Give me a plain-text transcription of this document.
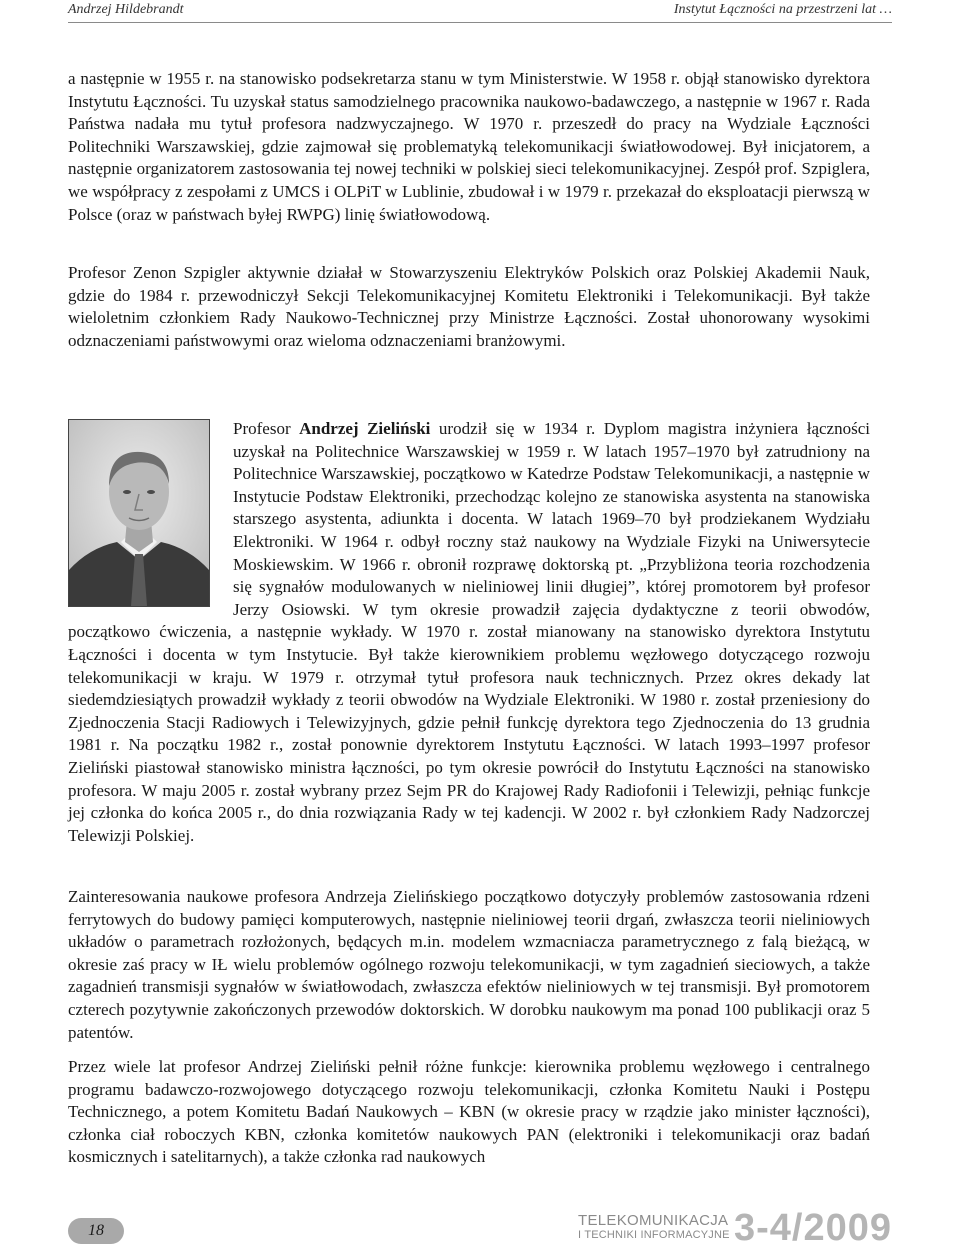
Andrzej Hildebrandt	Instytut Łączności na przestrzeni lat …

a następnie w 1955 r. na stanowisko podsekretarza stanu w tym Ministerstwie. W 1958 r. objął stanowisko dyrektora Instytutu Łączności. Tu uzyskał status samodzielnego pracownika naukowo-badawczego, a następnie w 1967 r. Rada Państwa nadała mu tytuł profesora nadzwyczajnego. W 1970 r. przeszedł do pracy na Wydziale Łączności Politechniki Warszawskiej, gdzie zajmował się problematyką telekomunikacji światłowodowej. Był inicjatorem, a następnie organizatorem zastosowania tej nowej techniki w polskiej sieci telekomunikacyjnej. Zespół prof. Szpiglera, we współpracy z zespołami z UMCS i OLPiT w Lublinie, zbudował i w 1979 r. przekazał do eksploatacji pierwszą w Polsce (oraz w państwach byłej RWPG) linię światłowodową.

Profesor Zenon Szpigler aktywnie działał w Stowarzyszeniu Elektryków Polskich oraz Polskiej Akademii Nauk, gdzie do 1984 r. przewodniczył Sekcji Telekomunikacyjnej Komitetu Elektroniki i Telekomunikacji. Był także wieloletnim członkiem Rady Naukowo-Technicznej przy Ministrze Łączności. Został uhonorowany wysokimi odznaczeniami państwowymi oraz wieloma odznaczeniami branżowymi.

Profesor Andrzej Zieliński urodził się w 1934 r. Dyplom magistra inżyniera łączności uzyskał na Politechnice Warszawskiej w 1959 r. W latach 1957–1970 był zatrudniony na Politechnice Warszawskiej, początkowo w Katedrze Podstaw Telekomunikacji, a następnie w Instytucie Podstaw Elektroniki, przechodząc kolejno ze stanowiska asystenta na stanowiska starszego asystenta, adiunkta i docenta. W latach 1969–70 był prodziekanem Wydziału Elektroniki. W 1964 r. odbył roczny staż naukowy na Wydziale Fizyki na Uniwersytecie Moskiewskim. W 1966 r. obronił rozprawę doktorską pt. „Przybliżona teoria rozchodzenia się sygnałów modulowanych w nieliniowej linii długiej”, której promotorem był profesor Jerzy Osiowski. W tym okresie prowadził zajęcia dydaktyczne z teorii obwodów, początkowo ćwiczenia, a następnie wykłady. W 1970 r. został mianowany na stanowisko dyrektora Instytutu Łączności i docenta w tym Instytucie. Był także kierownikiem problemu węzłowego dotyczącego rozwoju telekomunikacji w kraju. W 1979 r. otrzymał tytuł profesora nauk technicznych. Przez okres dekady lat siedemdziesiątych prowadził wykłady z teorii obwodów na Wydziale Elektroniki. W 1980 r. został przeniesiony do Zjednoczenia Stacji Radiowych i Telewizyjnych, gdzie pełnił funkcję dyrektora tego Zjednoczenia do 13 grudnia 1981 r. Na początku 1982 r., został ponownie dyrektorem Instytutu Łączności. W latach 1993–1997 profesor Zieliński piastował stanowisko ministra łączności, po tym okresie powrócił do Instytutu Łączności na stanowisko profesora. W maju 2005 r. został wybrany przez Sejm PR do Krajowej Rady Radiofonii i Telewizji, pełniąc funkcje jej członka do końca 2005 r., do dnia rozwiązania Rady w tej kadencji. W 2002 r. był członkiem Rady Nadzorczej Telewizji Polskiej.

Zainteresowania naukowe profesora Andrzeja Zielińskiego początkowo dotyczyły problemów zastosowania rdzeni ferrytowych do budowy pamięci komputerowych, następnie nieliniowej teorii drgań, zwłaszcza teorii nieliniowych układów o parametrach rozłożonych, będących m.in. modelem wzmacniacza parametrycznego z falą bieżącą, w okresie zaś pracy w IŁ wielu problemów ogólnego rozwoju telekomunikacji, w tym zagadnień sieciowych, a także zagadnień transmisji sygnałów w światłowodach, zwłaszcza efektów nieliniowych w tej transmisji. Był promotorem czterech pozytywnie zakończonych przewodów doktorskich. W dorobku naukowym ma ponad 100 publikacji oraz 5 patentów.

Przez wiele lat profesor Andrzej Zieliński pełnił różne funkcje: kierownika problemu węzłowego i centralnego programu badawczo-rozwojowego dotyczącego rozwoju telekomunikacji, członka Komitetu Nauki i Postępu Technicznego, a potem Komitetu Badań Naukowych – KBN (w okresie pracy w rządzie jako minister łączności), członka ciał roboczych KBN, członka komitetów naukowych PAN (elektroniki i telekomunikacji oraz badań kosmicznych i satelitarnych), a także członka rad naukowych

18
TELEKOMUNIKACJA
I TECHNIKI INFORMACYJNE 3-4/2009
